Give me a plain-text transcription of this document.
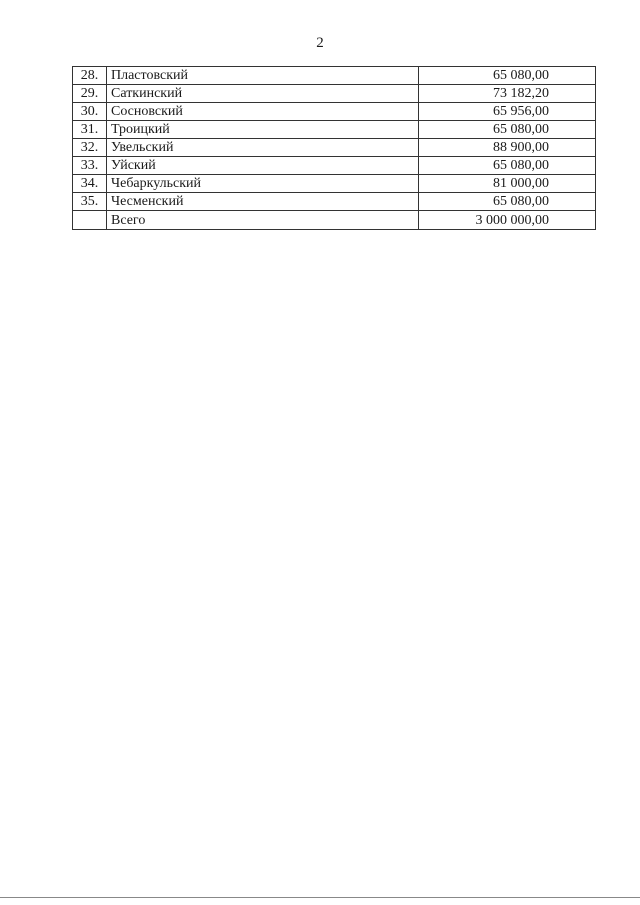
2
28.	Пластовский	65 080,00
29.	Саткинский	73 182,20
30.	Сосновский	65 956,00
31.	Троицкий	65 080,00
32.	Увельский	88 900,00
33.	Уйский	65 080,00
34.	Чебаркульский	81 000,00
35.	Чесменский	65 080,00
	Всего	3 000 000,00
